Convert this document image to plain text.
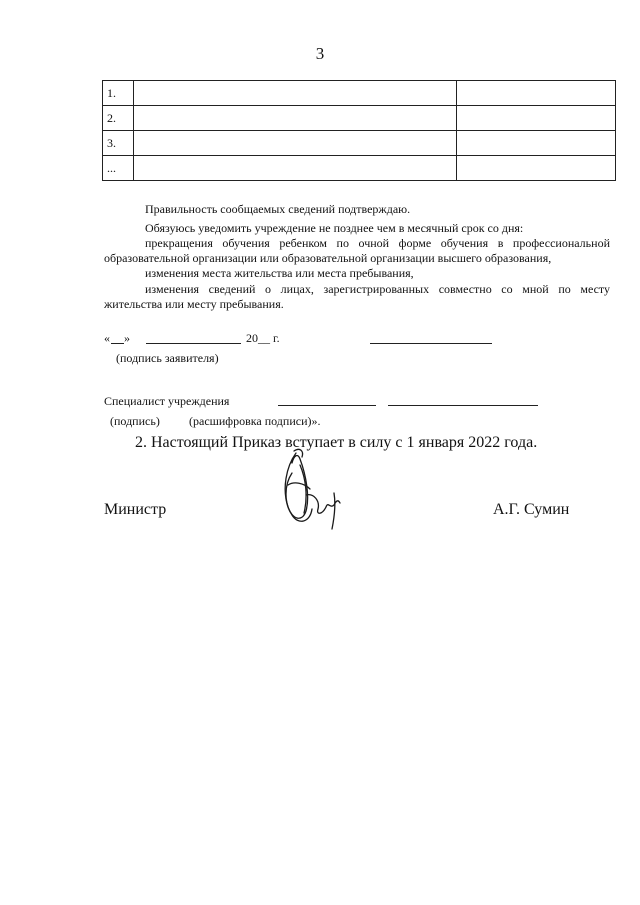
3
1.		
2.		
3.		
...		
Правильность сообщаемых сведений подтверждаю.
Обязуюсь уведомить учреждение не позднее чем в месячный срок со дня:
прекращения обучения ребенком по очной форме обучения в профессиональной
образовательной организации или образовательной организации высшего образования,
изменения места жительства или места пребывания,
изменения сведений о лицах, зарегистрированных совместно со мной по месту
жительства или месту пребывания.
« »	20__ г.
(подпись заявителя)
Специалист учреждения
(подпись) (расшифровка подписи)».
2. Настоящий Приказ вступает в силу с 1 января 2022 года.
Министр	А.Г. Сумин
